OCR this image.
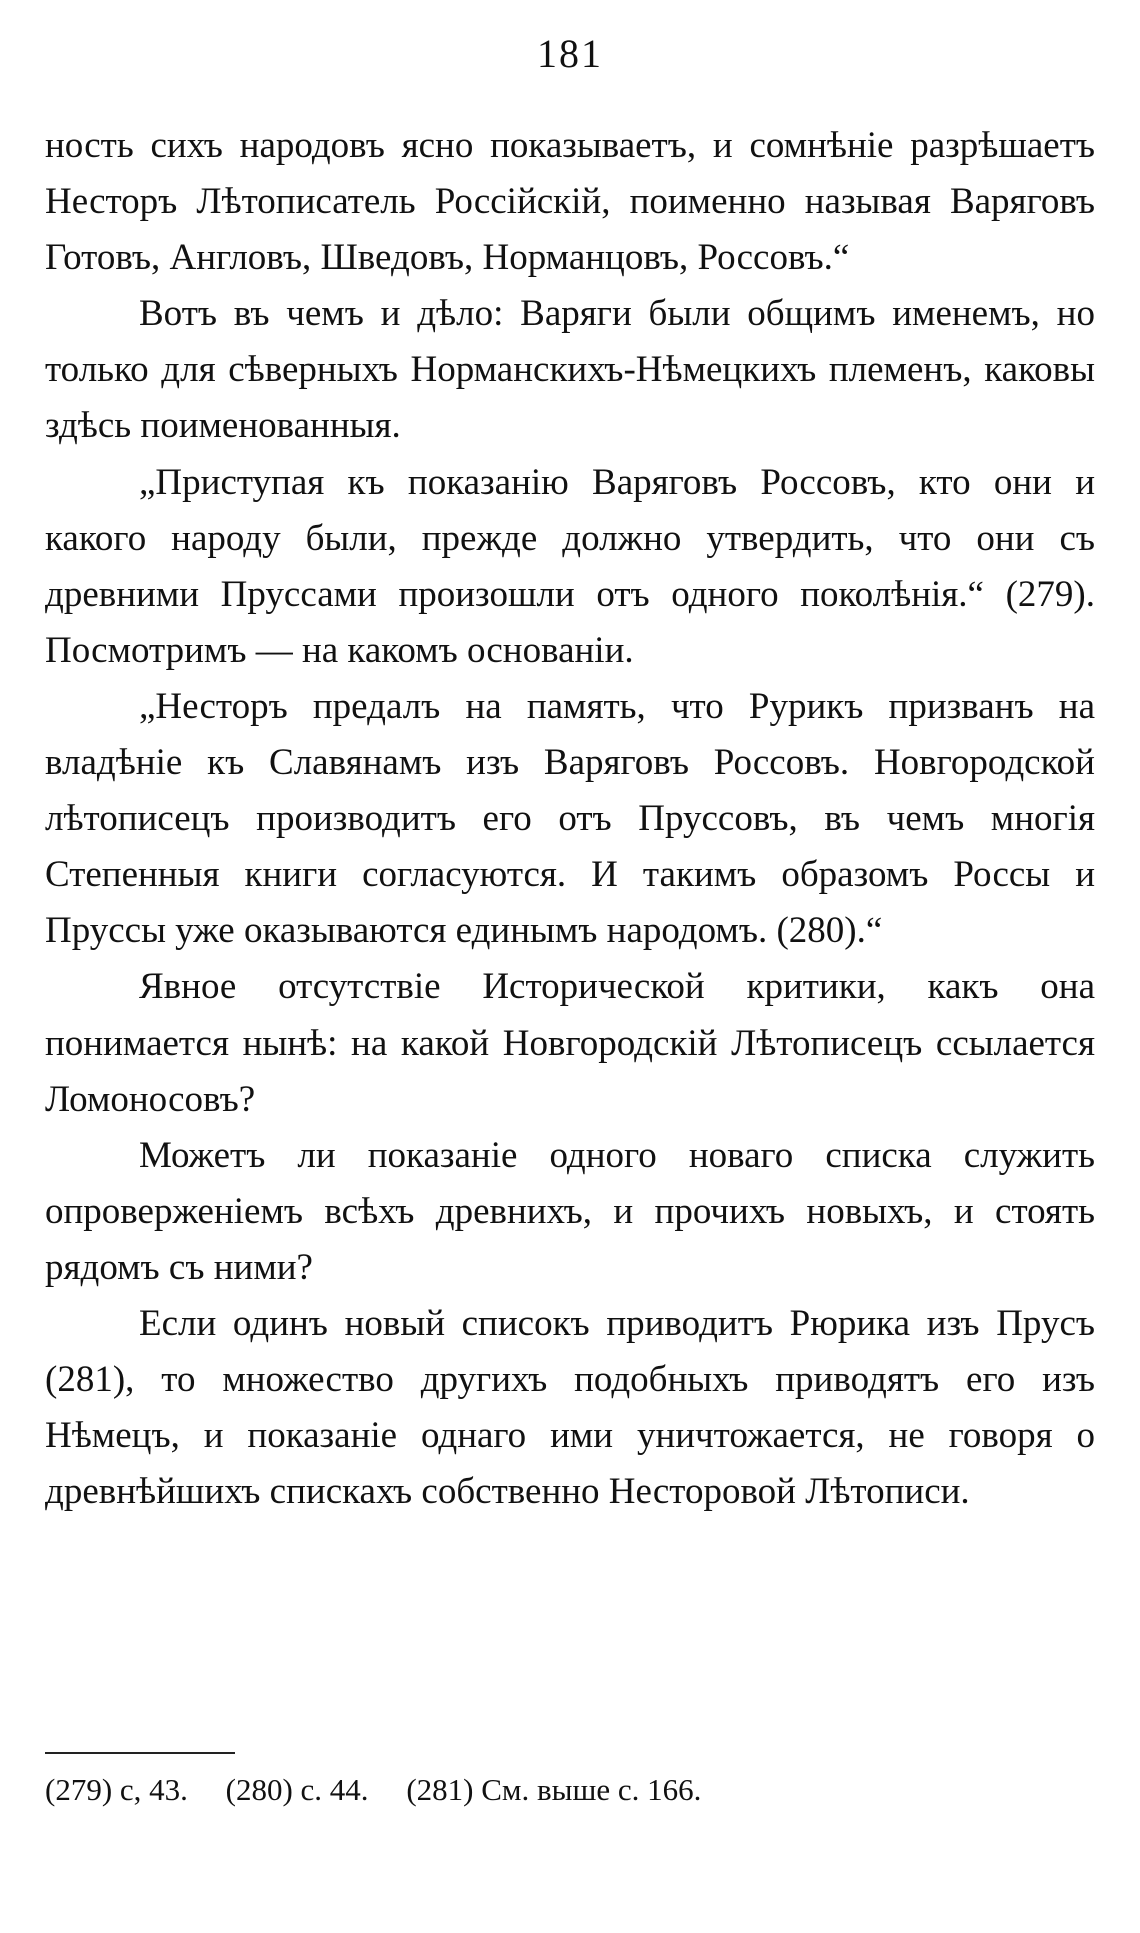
181

ность сихъ народовъ ясно показываетъ, и сомнѣніе разрѣшаетъ Несторъ Лѣтописатель Россійскій, поименно называя Варяговъ Готовъ, Англовъ, Шведовъ, Норманцовъ, Россовъ.“

Вотъ въ чемъ и дѣло: Варяги были общимъ именемъ, но только для сѣверныхъ Норманскихъ-Нѣмецкихъ племенъ, каковы здѣсь поименованныя.

„Приступая къ показанію Варяговъ Россовъ, кто они и какого народу были, прежде должно утвердить, что они съ древними Пруссами произошли отъ одного поколѣнія.“ (279). Посмотримъ — на какомъ основаніи.

„Несторъ предалъ на память, что Рурикъ призванъ на владѣніе къ Славянамъ изъ Варяговъ Россовъ. Новгородской лѣтописецъ производитъ его отъ Пруссовъ, въ чемъ многія Степенныя книги согласуются. И такимъ образомъ Россы и Пруссы уже оказываются единымъ народомъ. (280).“

Явное отсутствіе Исторической критики, какъ она понимается нынѣ: на какой Новгородскій Лѣтописецъ ссылается Ломоносовъ?

Можетъ ли показаніе одного новаго списка служить опроверженіемъ всѣхъ древнихъ, и прочихъ новыхъ, и стоять рядомъ съ ними?

Если одинъ новый списокъ приводитъ Рюрика изъ Прусъ (281), то множество другихъ подобныхъ приводятъ его изъ Нѣмецъ, и показаніе однаго ими уничтожается, не говоря о древнѣйшихъ спискахъ собственно Несторовой Лѣтописи.

(279) с, 43. (280) с. 44. (281) См. выше с. 166.
